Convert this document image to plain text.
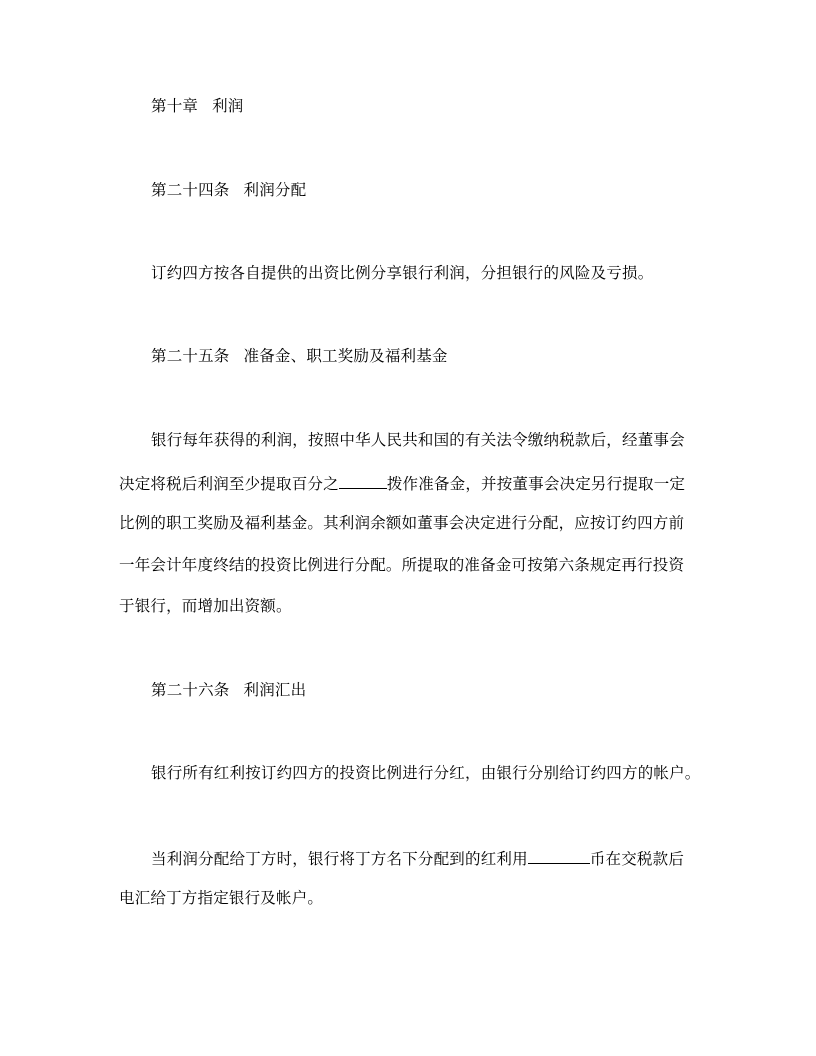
第十章 利润

第二十四条 利润分配

订约四方按各自提供的出资比例分享银行利润，分担银行的风险及亏损。

第二十五条 准备金、职工奖励及福利基金

银行每年获得的利润，按照中华人民共和国的有关法令缴纳税款后，经董事会

决定将税后利润至少提取百分之	拨作准备金，并按董事会决定另行提取一定

比例的职工奖励及福利基金。其利润余额如董事会决定进行分配，应按订约四方前

一年会计年度终结的投资比例进行分配。所提取的准备金可按第六条规定再行投资

于银行，而增加出资额。

第二十六条 利润汇出

银行所有红利按订约四方的投资比例进行分红，由银行分别给订约四方的帐户。

当利润分配给丁方时，银行将丁方名下分配到的红利用	币在交税款后

电汇给丁方指定银行及帐户。
